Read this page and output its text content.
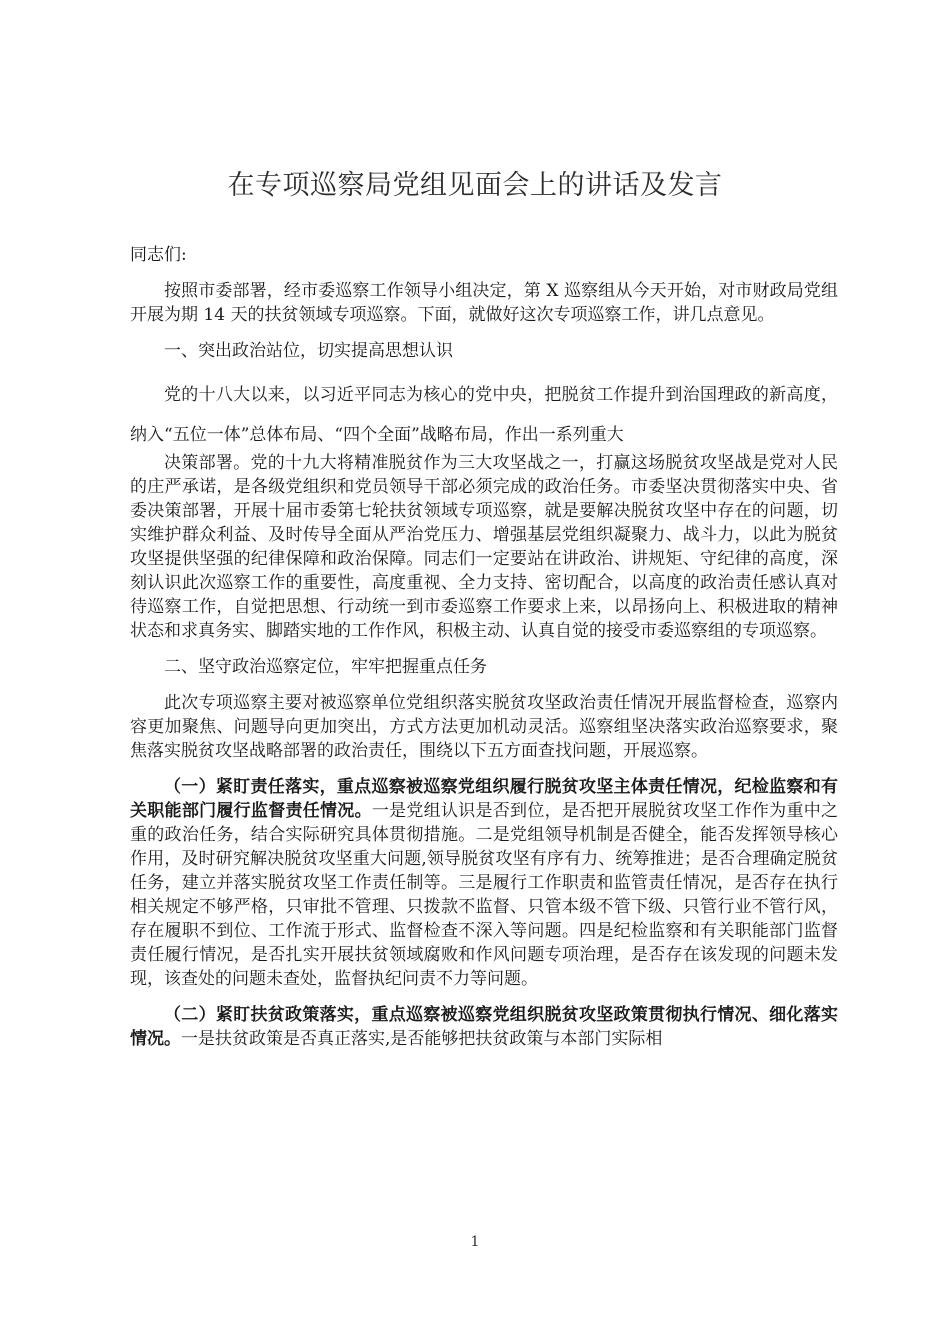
在专项巡察局党组见面会上的讲话及发言

同志们:

按照市委部署，经市委巡察工作领导小组决定，第 X 巡察组从今天开始，对市财政局党组开展为期 14 天的扶贫领域专项巡察。下面，就做好这次专项巡察工作，讲几点意见。

一、突出政治站位，切实提高思想认识

党的十八大以来，以习近平同志为核心的党中央，把脱贫工作提升到治国理政的新高度，纳入“五位一体”总体布局、“四个全面”战略布局，作出一系列重大

决策部署。党的十九大将精准脱贫作为三大攻坚战之一，打赢这场脱贫攻坚战是党对人民的庄严承诺，是各级党组织和党员领导干部必须完成的政治任务。市委坚决贯彻落实中央、省委决策部署，开展十届市委第七轮扶贫领域专项巡察，就是要解决脱贫攻坚中存在的问题，切实维护群众利益、及时传导全面从严治党压力、增强基层党组织凝聚力、战斗力，以此为脱贫攻坚提供坚强的纪律保障和政治保障。同志们一定要站在讲政治、讲规矩、守纪律的高度，深刻认识此次巡察工作的重要性，高度重视、全力支持、密切配合，以高度的政治责任感认真对待巡察工作，自觉把思想、行动统一到市委巡察工作要求上来，以昂扬向上、积极进取的精神状态和求真务实、脚踏实地的工作作风，积极主动、认真自觉的接受市委巡察组的专项巡察。

二、坚守政治巡察定位，牢牢把握重点任务

此次专项巡察主要对被巡察单位党组织落实脱贫攻坚政治责任情况开展监督检查，巡察内容更加聚焦、问题导向更加突出，方式方法更加机动灵活。巡察组坚决落实政治巡察要求，聚焦落实脱贫攻坚战略部署的政治责任，围绕以下五方面查找问题，开展巡察。

（一）紧盯责任落实，重点巡察被巡察党组织履行脱贫攻坚主体责任情况，纪检监察和有关职能部门履行监督责任情况。一是党组认识是否到位，是否把开展脱贫攻坚工作作为重中之重的政治任务，结合实际研究具体贯彻措施。二是党组领导机制是否健全，能否发挥领导核心作用，及时研究解决脱贫攻坚重大问题,领导脱贫攻坚有序有力、统筹推进；是否合理确定脱贫任务，建立并落实脱贫攻坚工作责任制等。三是履行工作职责和监管责任情况，是否存在执行相关规定不够严格，只审批不管理、只拨款不监督、只管本级不管下级、只管行业不管行风，存在履职不到位、工作流于形式、监督检查不深入等问题。四是纪检监察和有关职能部门监督责任履行情况，是否扎实开展扶贫领域腐败和作风问题专项治理，是否存在该发现的问题未发现，该查处的问题未查处，监督执纪问责不力等问题。

（二）紧盯扶贫政策落实，重点巡察被巡察党组织脱贫攻坚政策贯彻执行情况、细化落实情况。一是扶贫政策是否真正落实,是否能够把扶贫政策与本部门实际相

1
